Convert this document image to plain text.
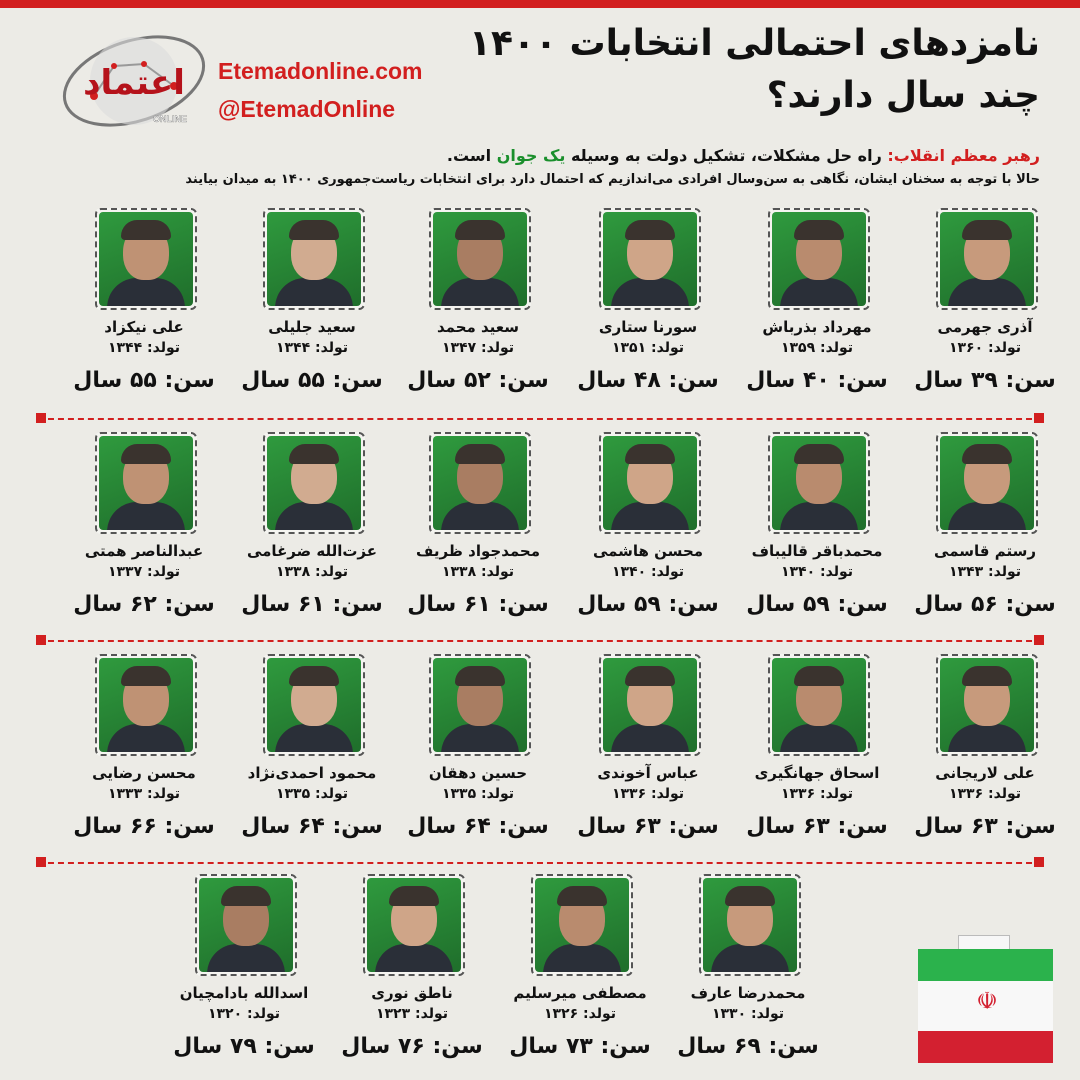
نامزدهای احتمالی انتخابات ۱۴۰۰
چند سال دارند؟
اعتماد
ONLINE
Etemadonline.com
@EtemadOnline
رهبر معظم انقلاب: راه حل مشکلات، تشکیل دولت به وسیله یک جوان است.
حالا با توجه به سخنان ایشان، نگاهی به سن‌وسال افرادی می‌اندازیم که احتمال دارد برای انتخابات ریاست‌جمهوری ۱۴۰۰ به میدان بیایند
آذری جهرمی
تولد: ۱۳۶۰
سن: ۳۹ سال
مهرداد بذرباش
تولد: ۱۳۵۹
سن: ۴۰ سال
سورنا ستاری
تولد: ۱۳۵۱
سن: ۴۸ سال
سعید محمد
تولد: ۱۳۴۷
سن: ۵۲ سال
سعید جلیلی
تولد: ۱۳۴۴
سن: ۵۵ سال
علی نیکزاد
تولد: ۱۳۴۴
سن: ۵۵ سال
رستم قاسمی
تولد: ۱۳۴۳
سن: ۵۶ سال
محمدباقر قالیباف
تولد: ۱۳۴۰
سن: ۵۹ سال
محسن هاشمی
تولد: ۱۳۴۰
سن: ۵۹ سال
محمدجواد ظریف
تولد: ۱۳۳۸
سن: ۶۱ سال
عزت‌الله ضرغامی
تولد: ۱۳۳۸
سن: ۶۱ سال
عبدالناصر همتی
تولد: ۱۳۳۷
سن: ۶۲ سال
علی لاریجانی
تولد: ۱۳۳۶
سن: ۶۳ سال
اسحاق جهانگیری
تولد: ۱۳۳۶
سن: ۶۳ سال
عباس آخوندی
تولد: ۱۳۳۶
سن: ۶۳ سال
حسین دهقان
تولد: ۱۳۳۵
سن: ۶۴ سال
محمود احمدی‌نژاد
تولد: ۱۳۳۵
سن: ۶۴ سال
محسن رضایی
تولد: ۱۳۳۳
سن: ۶۶ سال
محمدرضا عارف
تولد: ۱۳۳۰
سن: ۶۹ سال
مصطفی میرسلیم
تولد: ۱۳۲۶
سن: ۷۳ سال
ناطق نوری
تولد: ۱۳۲۳
سن: ۷۶ سال
اسدالله بادامچیان
تولد: ۱۳۲۰
سن: ۷۹ سال
☫
